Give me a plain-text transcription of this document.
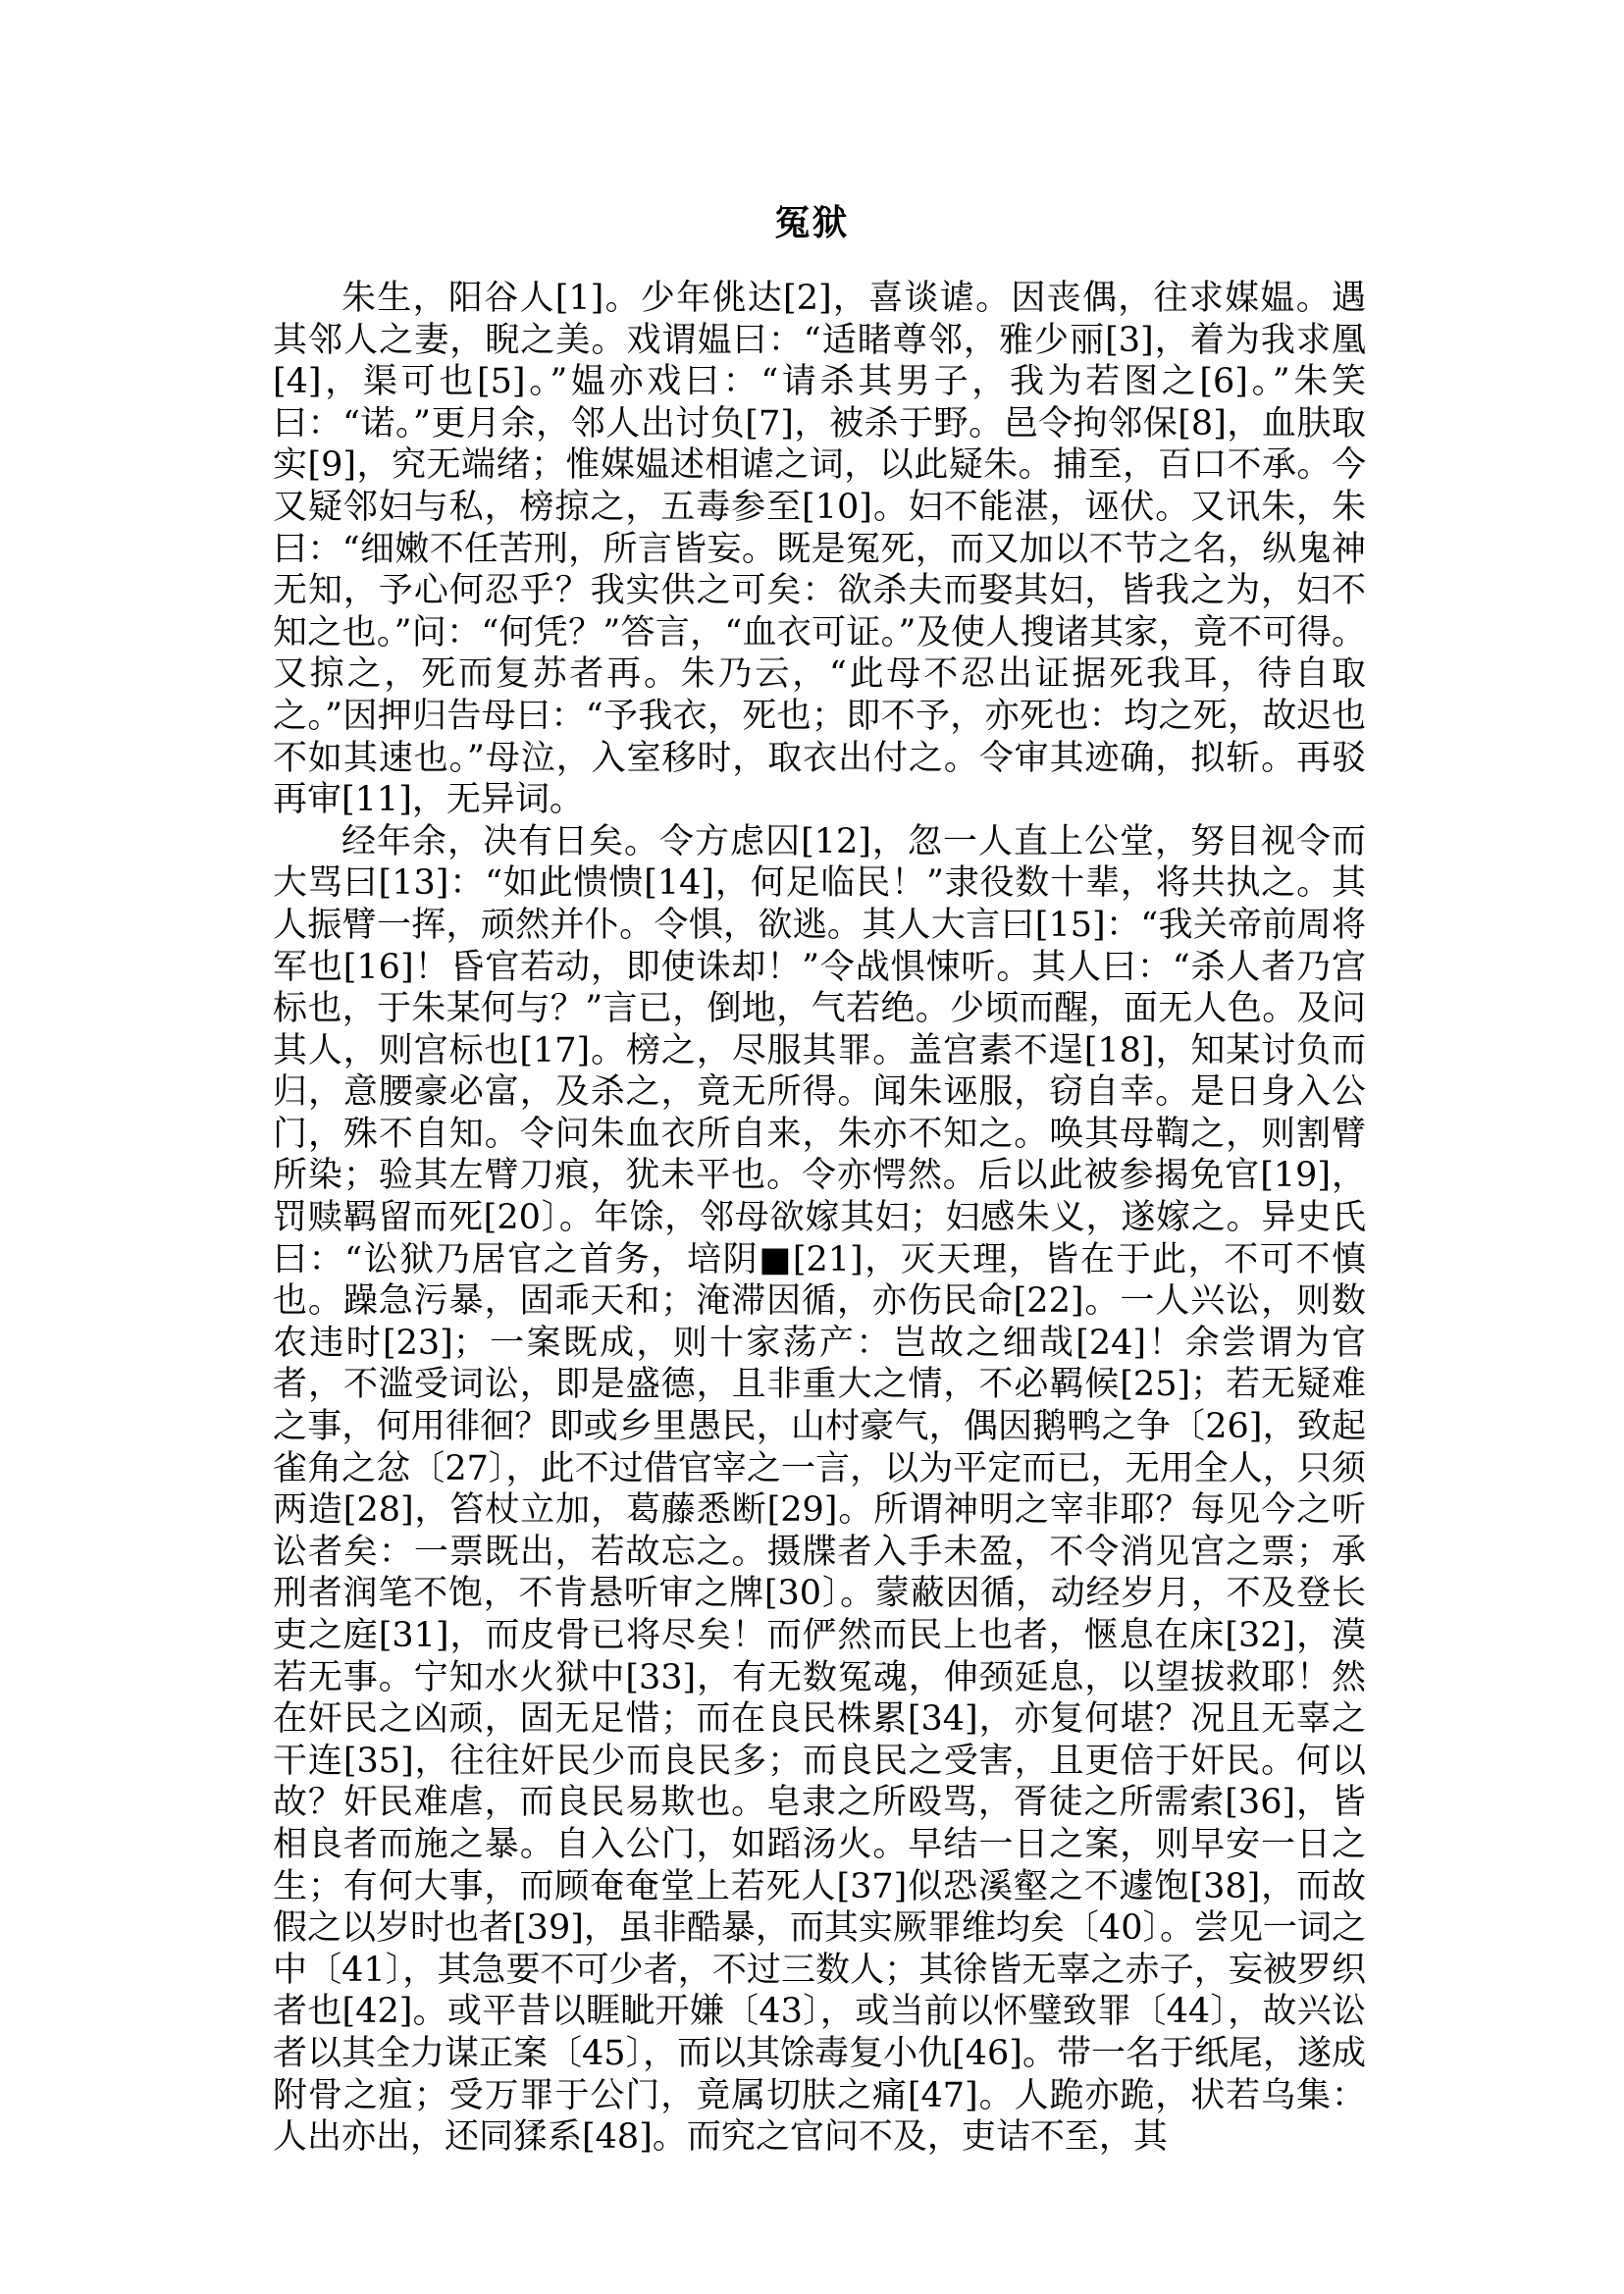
冤狱

朱生，阳谷人[1]。少年佻达[2]，喜谈谑。因丧偶，往求媒媪。遇其邻人之妻，睨之美。戏谓媪曰：“适睹尊邻，雅少丽[3]，着为我求凰[4]，渠可也[5]。”媪亦戏曰：“请杀其男子，我为若图之[6]。”朱笑曰：“诺。”更月余，邻人出讨负[7]，被杀于野。邑令拘邻保[8]，血肤取实[9]，究无端绪；惟媒媪述相谑之词，以此疑朱。捕至，百口不承。今又疑邻妇与私，榜掠之，五毒参至[10]。妇不能湛，诬伏。又讯朱，朱曰：“细嫩不任苦刑，所言皆妄。既是冤死，而又加以不节之名，纵鬼神无知，予心何忍乎？我实供之可矣：欲杀夫而娶其妇，皆我之为，妇不知之也。”问：“何凭？”答言，“血衣可证。”及使人搜诸其家，竟不可得。又掠之，死而复苏者再。朱乃云，“此母不忍出证据死我耳，待自取之。”因押归告母曰：“予我衣，死也；即不予，亦死也：均之死，故迟也不如其速也。”母泣，入室移时，取衣出付之。令审其迹确，拟斩。再驳再审[11]，无异词。

经年余，决有日矣。令方虑囚[12]，忽一人直上公堂，努目视令而大骂曰[13]：“如此愦愦[14]，何足临民！”隶役数十辈，将共执之。其人振臂一挥，顽然并仆。令惧，欲逃。其人大言曰[15]：“我关帝前周将军也[16]！昏官若动，即使诛却！”令战惧悚听。其人曰：“杀人者乃宫标也，于朱某何与？”言已，倒地，气若绝。少顷而醒，面无人色。及问其人，则宫标也[17]。榜之，尽服其罪。盖宫素不逞[18]，知某讨负而归，意腰豪必富，及杀之，竟无所得。闻朱诬服，窃自幸。是日身入公门，殊不自知。令问朱血衣所自来，朱亦不知之。唤其母鞫之，则割臂所染；验其左臂刀痕，犹未平也。令亦愕然。后以此被参揭免官[19]，罚赎羁留而死[20〕。年馀，邻母欲嫁其妇；妇感朱义，遂嫁之。异史氏曰：“讼狱乃居官之首务，培阴■[21]，灭天理，皆在于此，不可不慎也。躁急污暴，固乖天和；淹滞因循，亦伤民命[22]。一人兴讼，则数农违时[23]；一案既成，则十家荡产：岂故之细哉[24]！余尝谓为官者，不滥受词讼，即是盛德，且非重大之情，不必羁候[25]；若无疑难之事，何用徘徊？即或乡里愚民，山村豪气，偶因鹅鸭之争〔26]，致起雀角之忿〔27〕，此不过借官宰之一言，以为平定而已，无用全人，只须两造[28]，笞杖立加，葛藤悉断[29]。所谓神明之宰非耶？每见今之听讼者矣：一票既出，若故忘之。摄牒者入手未盈，不令消见宫之票；承刑者润笔不饱，不肯悬听审之牌[30〕。蒙蔽因循，动经岁月，不及登长吏之庭[31]，而皮骨已将尽矣！而俨然而民上也者，愜息在床[32]，漠若无事。宁知水火狱中[33]，有无数冤魂，伸颈延息，以望拔救耶！然在奸民之凶顽，固无足惜；而在良民株累[34]，亦复何堪？况且无辜之干连[35]，往往奸民少而良民多；而良民之受害，且更倍于奸民。何以故？奸民难虐，而良民易欺也。皂隶之所殴骂，胥徒之所需索[36]，皆相良者而施之暴。自入公门，如蹈汤火。早结一日之案，则早安一日之生；有何大事，而顾奄奄堂上若死人[37]似恐溪壑之不遽饱[38]，而故假之以岁时也者[39]，虽非酷暴，而其实厥罪维均矣〔40〕。尝见一词之中〔41〕，其急要不可少者，不过三数人；其徐皆无辜之赤子，妄被罗织者也[42]。或平昔以睚眦开嫌〔43〕，或当前以怀璧致罪〔44〕，故兴讼者以其全力谋正案〔45〕，而以其馀毒复小仇[46]。带一名于纸尾，遂成附骨之疽；受万罪于公门，竟属切肤之痛[47]。人跪亦跪，状若乌集：人出亦出，还同猱系[48]。而究之官问不及，吏诘不至，其
